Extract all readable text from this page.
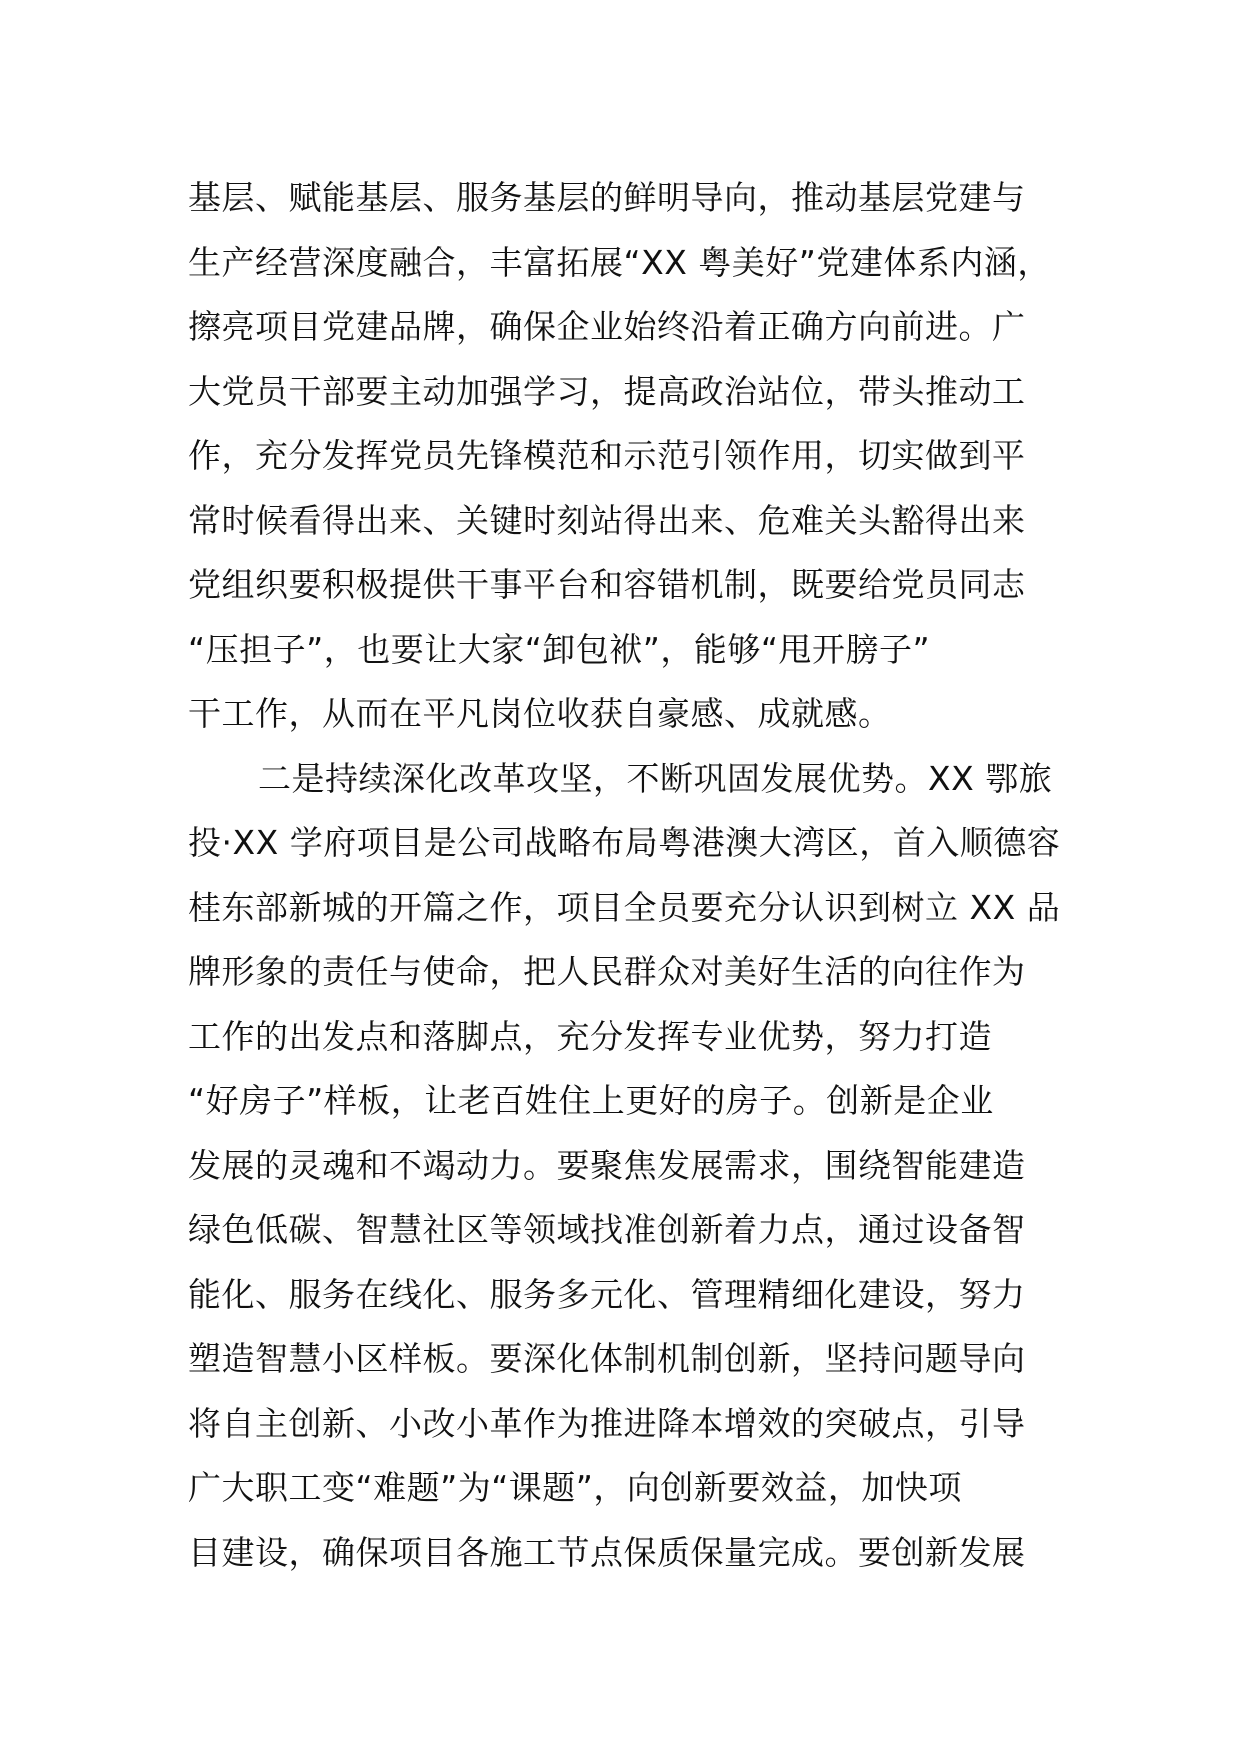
基层、赋能基层、服务基层的鲜明导向，推动基层党建与
生产经营深度融合，丰富拓展“XX 粤美好”党建体系内涵，
擦亮项目党建品牌，确保企业始终沿着正确方向前进。广
大党员干部要主动加强学习，提高政治站位，带头推动工
作，充分发挥党员先锋模范和示范引领作用，切实做到平
常时候看得出来、关键时刻站得出来、危难关头豁得出来
党组织要积极提供干事平台和容错机制，既要给党员同志
“压担子”，也要让大家“卸包袱”，能够“甩开膀子”
干工作，从而在平凡岗位收获自豪感、成就感。
二是持续深化改革攻坚，不断巩固发展优势。XX 鄂旅
投·XX 学府项目是公司战略布局粤港澳大湾区，首入顺德容
桂东部新城的开篇之作，项目全员要充分认识到树立 XX 品
牌形象的责任与使命，把人民群众对美好生活的向往作为
工作的出发点和落脚点，充分发挥专业优势，努力打造
“好房子”样板，让老百姓住上更好的房子。创新是企业
发展的灵魂和不竭动力。要聚焦发展需求，围绕智能建造
绿色低碳、智慧社区等领域找准创新着力点，通过设备智
能化、服务在线化、服务多元化、管理精细化建设，努力
塑造智慧小区样板。要深化体制机制创新，坚持问题导向
将自主创新、小改小革作为推进降本增效的突破点，引导
广大职工变“难题”为“课题”，向创新要效益，加快项
目建设，确保项目各施工节点保质保量完成。要创新发展
